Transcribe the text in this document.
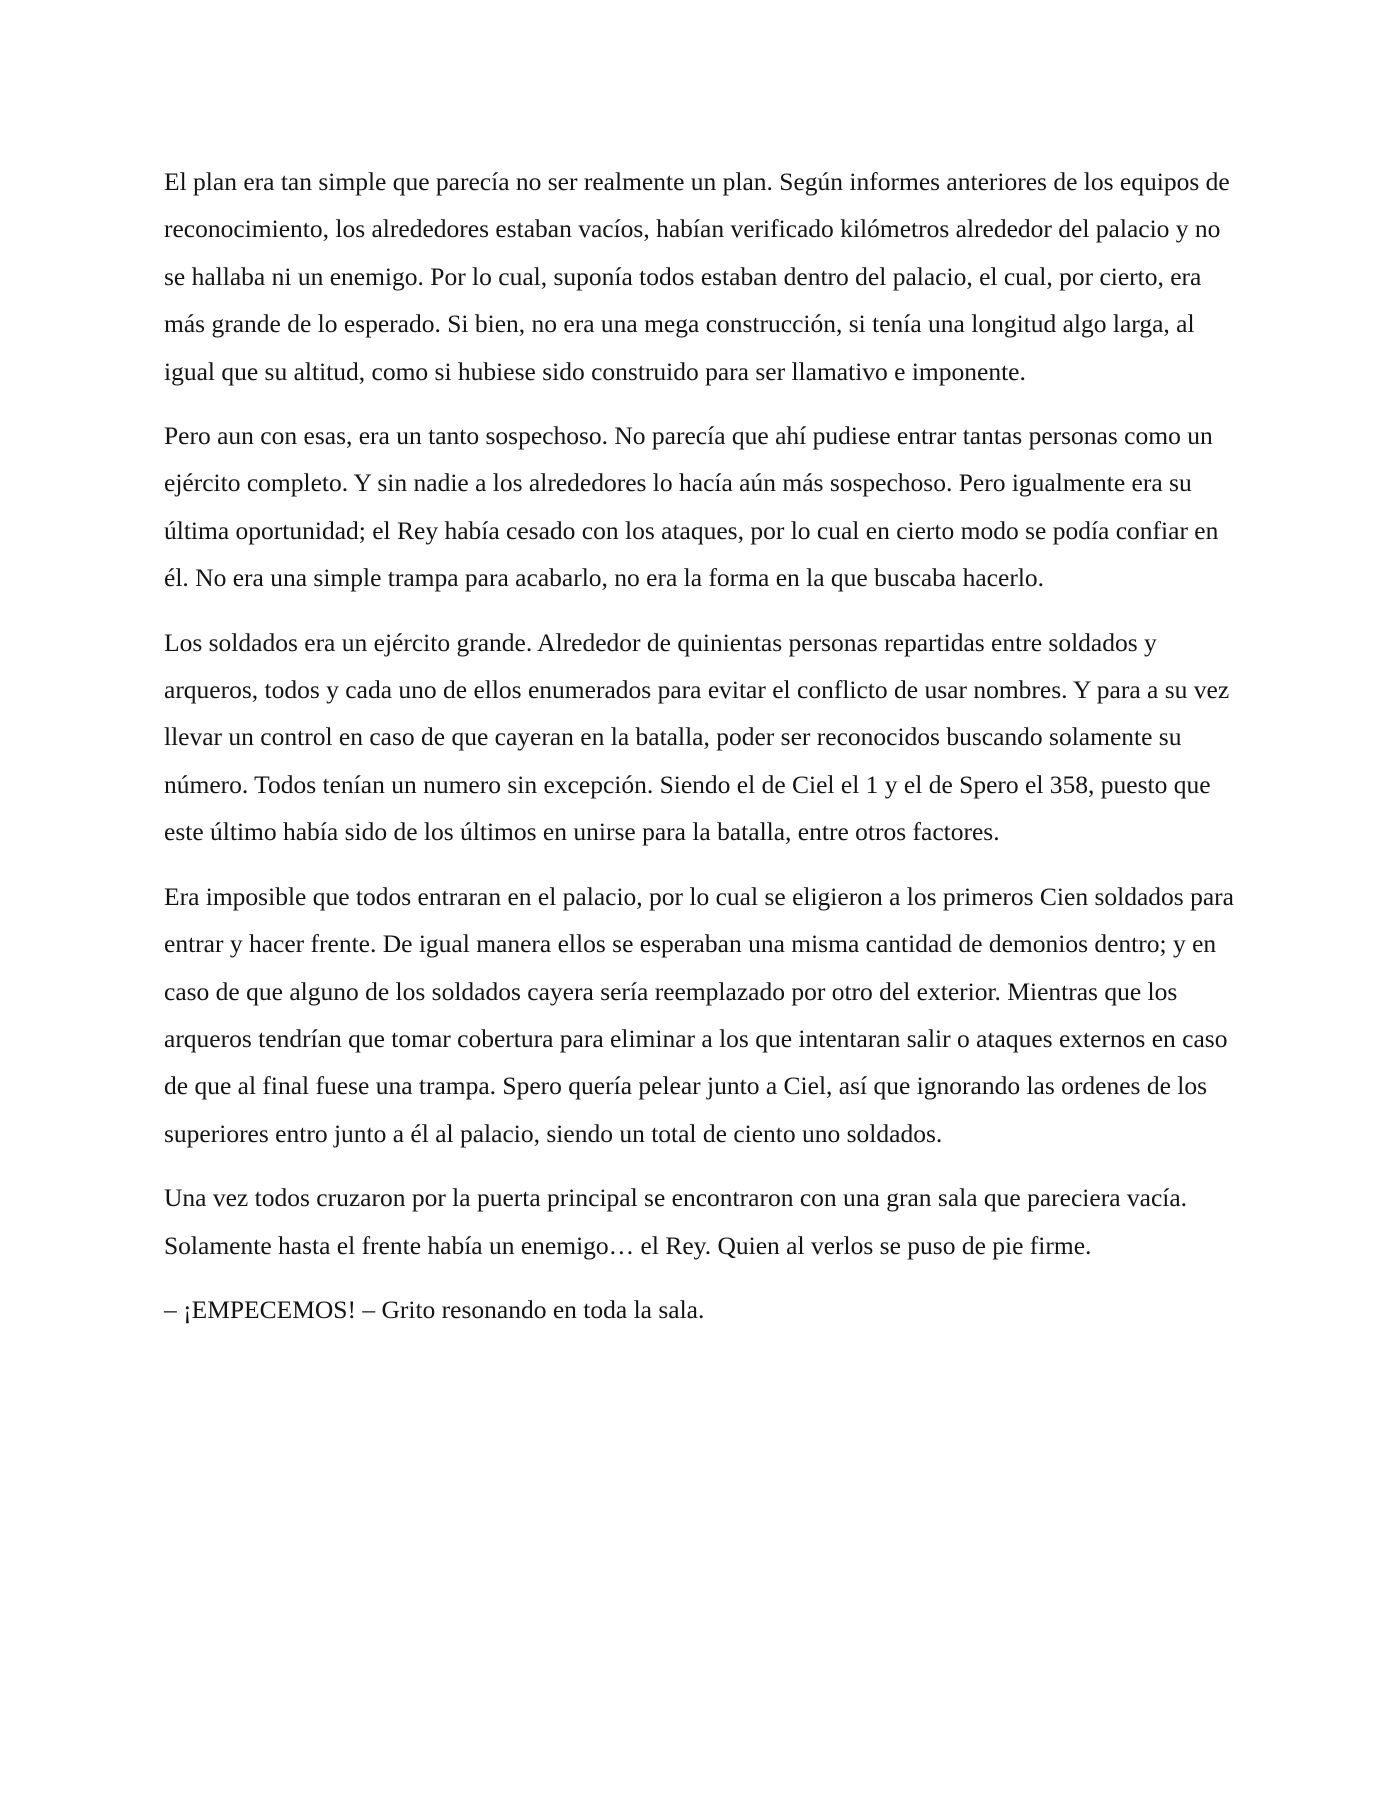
El plan era tan simple que parecía no ser realmente un plan. Según informes anteriores de los equipos de reconocimiento, los alrededores estaban vacíos, habían verificado kilómetros alrededor del palacio y no se hallaba ni un enemigo. Por lo cual, suponía todos estaban dentro del palacio, el cual, por cierto, era más grande de lo esperado. Si bien, no era una mega construcción, si tenía una longitud algo larga, al igual que su altitud, como si hubiese sido construido para ser llamativo e imponente.

Pero aun con esas, era un tanto sospechoso. No parecía que ahí pudiese entrar tantas personas como un ejército completo. Y sin nadie a los alrededores lo hacía aún más sospechoso. Pero igualmente era su última oportunidad; el Rey había cesado con los ataques, por lo cual en cierto modo se podía confiar en él. No era una simple trampa para acabarlo, no era la forma en la que buscaba hacerlo.

Los soldados era un ejército grande. Alrededor de quinientas personas repartidas entre soldados y arqueros, todos y cada uno de ellos enumerados para evitar el conflicto de usar nombres. Y para a su vez llevar un control en caso de que cayeran en la batalla, poder ser reconocidos buscando solamente su número. Todos tenían un numero sin excepción. Siendo el de Ciel el 1 y el de Spero el 358, puesto que este último había sido de los últimos en unirse para la batalla, entre otros factores.

Era imposible que todos entraran en el palacio, por lo cual se eligieron a los primeros Cien soldados para entrar y hacer frente. De igual manera ellos se esperaban una misma cantidad de demonios dentro; y en caso de que alguno de los soldados cayera sería reemplazado por otro del exterior. Mientras que los arqueros tendrían que tomar cobertura para eliminar a los que intentaran salir o ataques externos en caso de que al final fuese una trampa. Spero quería pelear junto a Ciel, así que ignorando las ordenes de los superiores entro junto a él al palacio, siendo un total de ciento uno soldados.

Una vez todos cruzaron por la puerta principal se encontraron con una gran sala que pareciera vacía. Solamente hasta el frente había un enemigo… el Rey. Quien al verlos se puso de pie firme.

– ¡EMPECEMOS! – Grito resonando en toda la sala.
